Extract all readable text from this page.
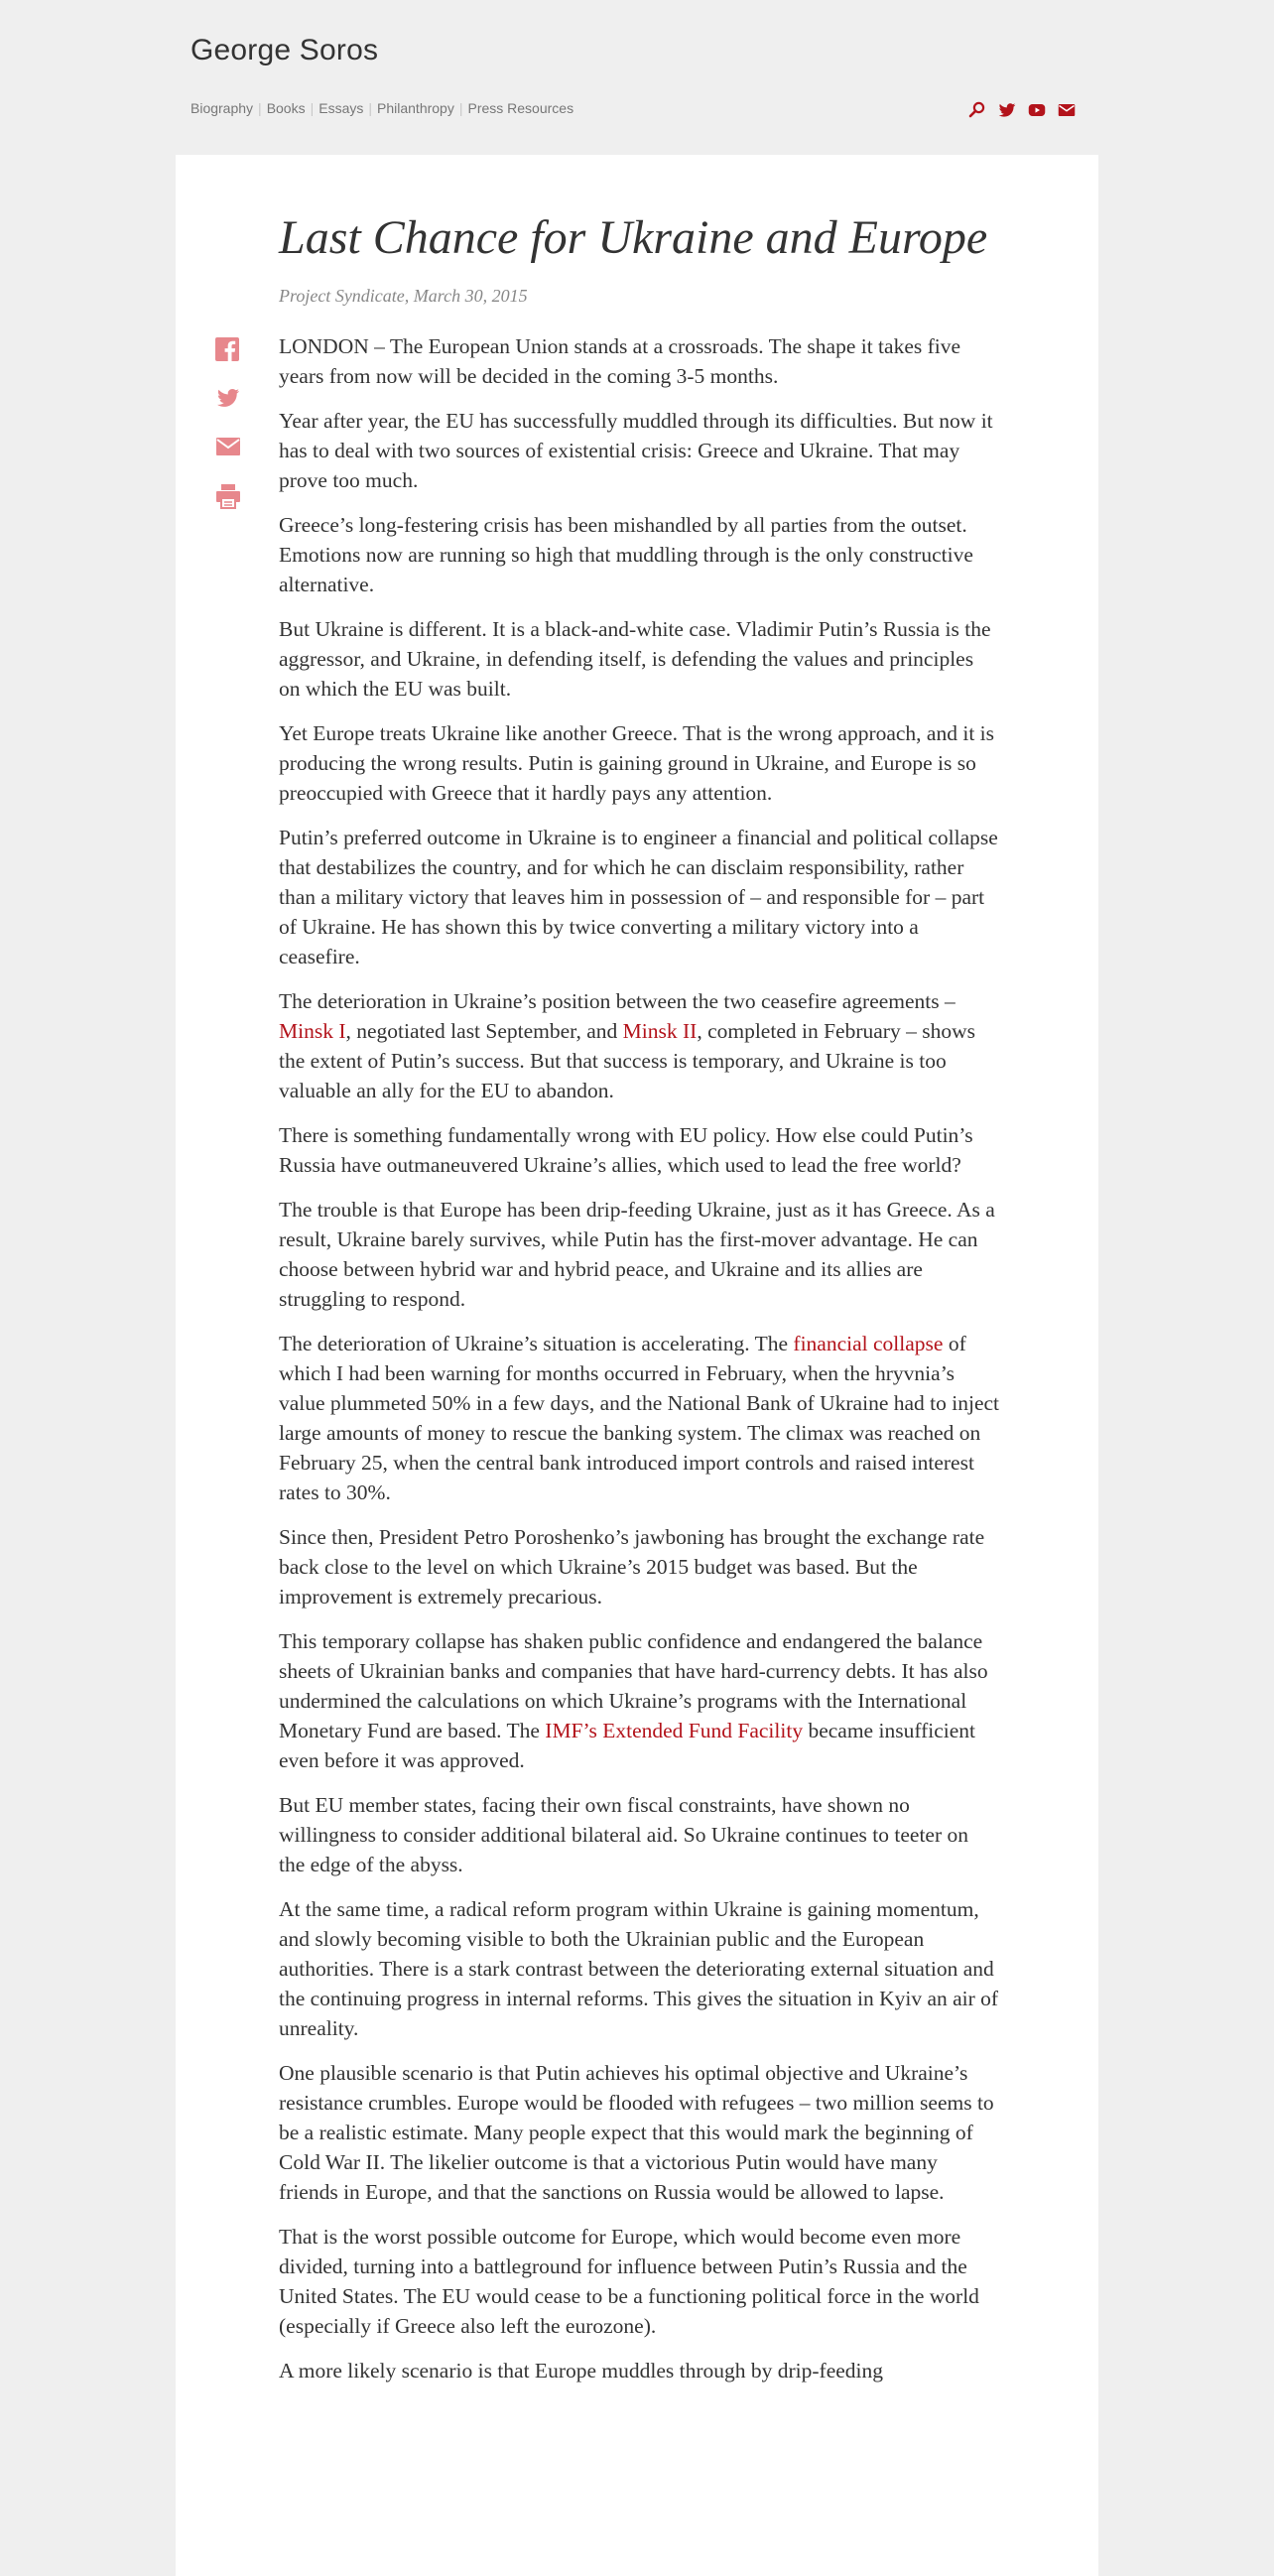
George Soros
Biography | Books | Essays | Philanthropy | Press Resources
Last Chance for Ukraine and Europe
Project Syndicate, March 30, 2015

LONDON – The European Union stands at a crossroads. The shape it takes five years from now will be decided in the coming 3-5 months.

Year after year, the EU has successfully muddled through its difficulties. But now it has to deal with two sources of existential crisis: Greece and Ukraine. That may prove too much.

Greece’s long-festering crisis has been mishandled by all parties from the outset. Emotions now are running so high that muddling through is the only constructive alternative.

But Ukraine is different. It is a black-and-white case. Vladimir Putin’s Russia is the aggressor, and Ukraine, in defending itself, is defending the values and principles on which the EU was built.

Yet Europe treats Ukraine like another Greece. That is the wrong approach, and it is producing the wrong results. Putin is gaining ground in Ukraine, and Europe is so preoccupied with Greece that it hardly pays any attention.

Putin’s preferred outcome in Ukraine is to engineer a financial and political collapse that destabilizes the country, and for which he can disclaim responsibility, rather than a military victory that leaves him in possession of – and responsible for – part of Ukraine. He has shown this by twice converting a military victory into a ceasefire.

The deterioration in Ukraine’s position between the two ceasefire agreements – Minsk I, negotiated last September, and Minsk II, completed in February – shows the extent of Putin’s success. But that success is temporary, and Ukraine is too valuable an ally for the EU to abandon.

There is something fundamentally wrong with EU policy. How else could Putin’s Russia have outmaneuvered Ukraine’s allies, which used to lead the free world?

The trouble is that Europe has been drip-feeding Ukraine, just as it has Greece. As a result, Ukraine barely survives, while Putin has the first-mover advantage. He can choose between hybrid war and hybrid peace, and Ukraine and its allies are struggling to respond.

The deterioration of Ukraine’s situation is accelerating. The financial collapse of which I had been warning for months occurred in February, when the hryvnia’s value plummeted 50% in a few days, and the National Bank of Ukraine had to inject large amounts of money to rescue the banking system. The climax was reached on February 25, when the central bank introduced import controls and raised interest rates to 30%.

Since then, President Petro Poroshenko’s jawboning has brought the exchange rate back close to the level on which Ukraine’s 2015 budget was based. But the improvement is extremely precarious.

This temporary collapse has shaken public confidence and endangered the balance sheets of Ukrainian banks and companies that have hard-currency debts. It has also undermined the calculations on which Ukraine’s programs with the International Monetary Fund are based. The IMF’s Extended Fund Facility became insufficient even before it was approved.

But EU member states, facing their own fiscal constraints, have shown no willingness to consider additional bilateral aid. So Ukraine continues to teeter on the edge of the abyss.

At the same time, a radical reform program within Ukraine is gaining momentum, and slowly becoming visible to both the Ukrainian public and the European authorities. There is a stark contrast between the deteriorating external situation and the continuing progress in internal reforms. This gives the situation in Kyiv an air of unreality.

One plausible scenario is that Putin achieves his optimal objective and Ukraine’s resistance crumbles. Europe would be flooded with refugees – two million seems to be a realistic estimate. Many people expect that this would mark the beginning of Cold War II. The likelier outcome is that a victorious Putin would have many friends in Europe, and that the sanctions on Russia would be allowed to lapse.

That is the worst possible outcome for Europe, which would become even more divided, turning into a battleground for influence between Putin’s Russia and the United States. The EU would cease to be a functioning political force in the world (especially if Greece also left the eurozone).

A more likely scenario is that Europe muddles through by drip-feeding
